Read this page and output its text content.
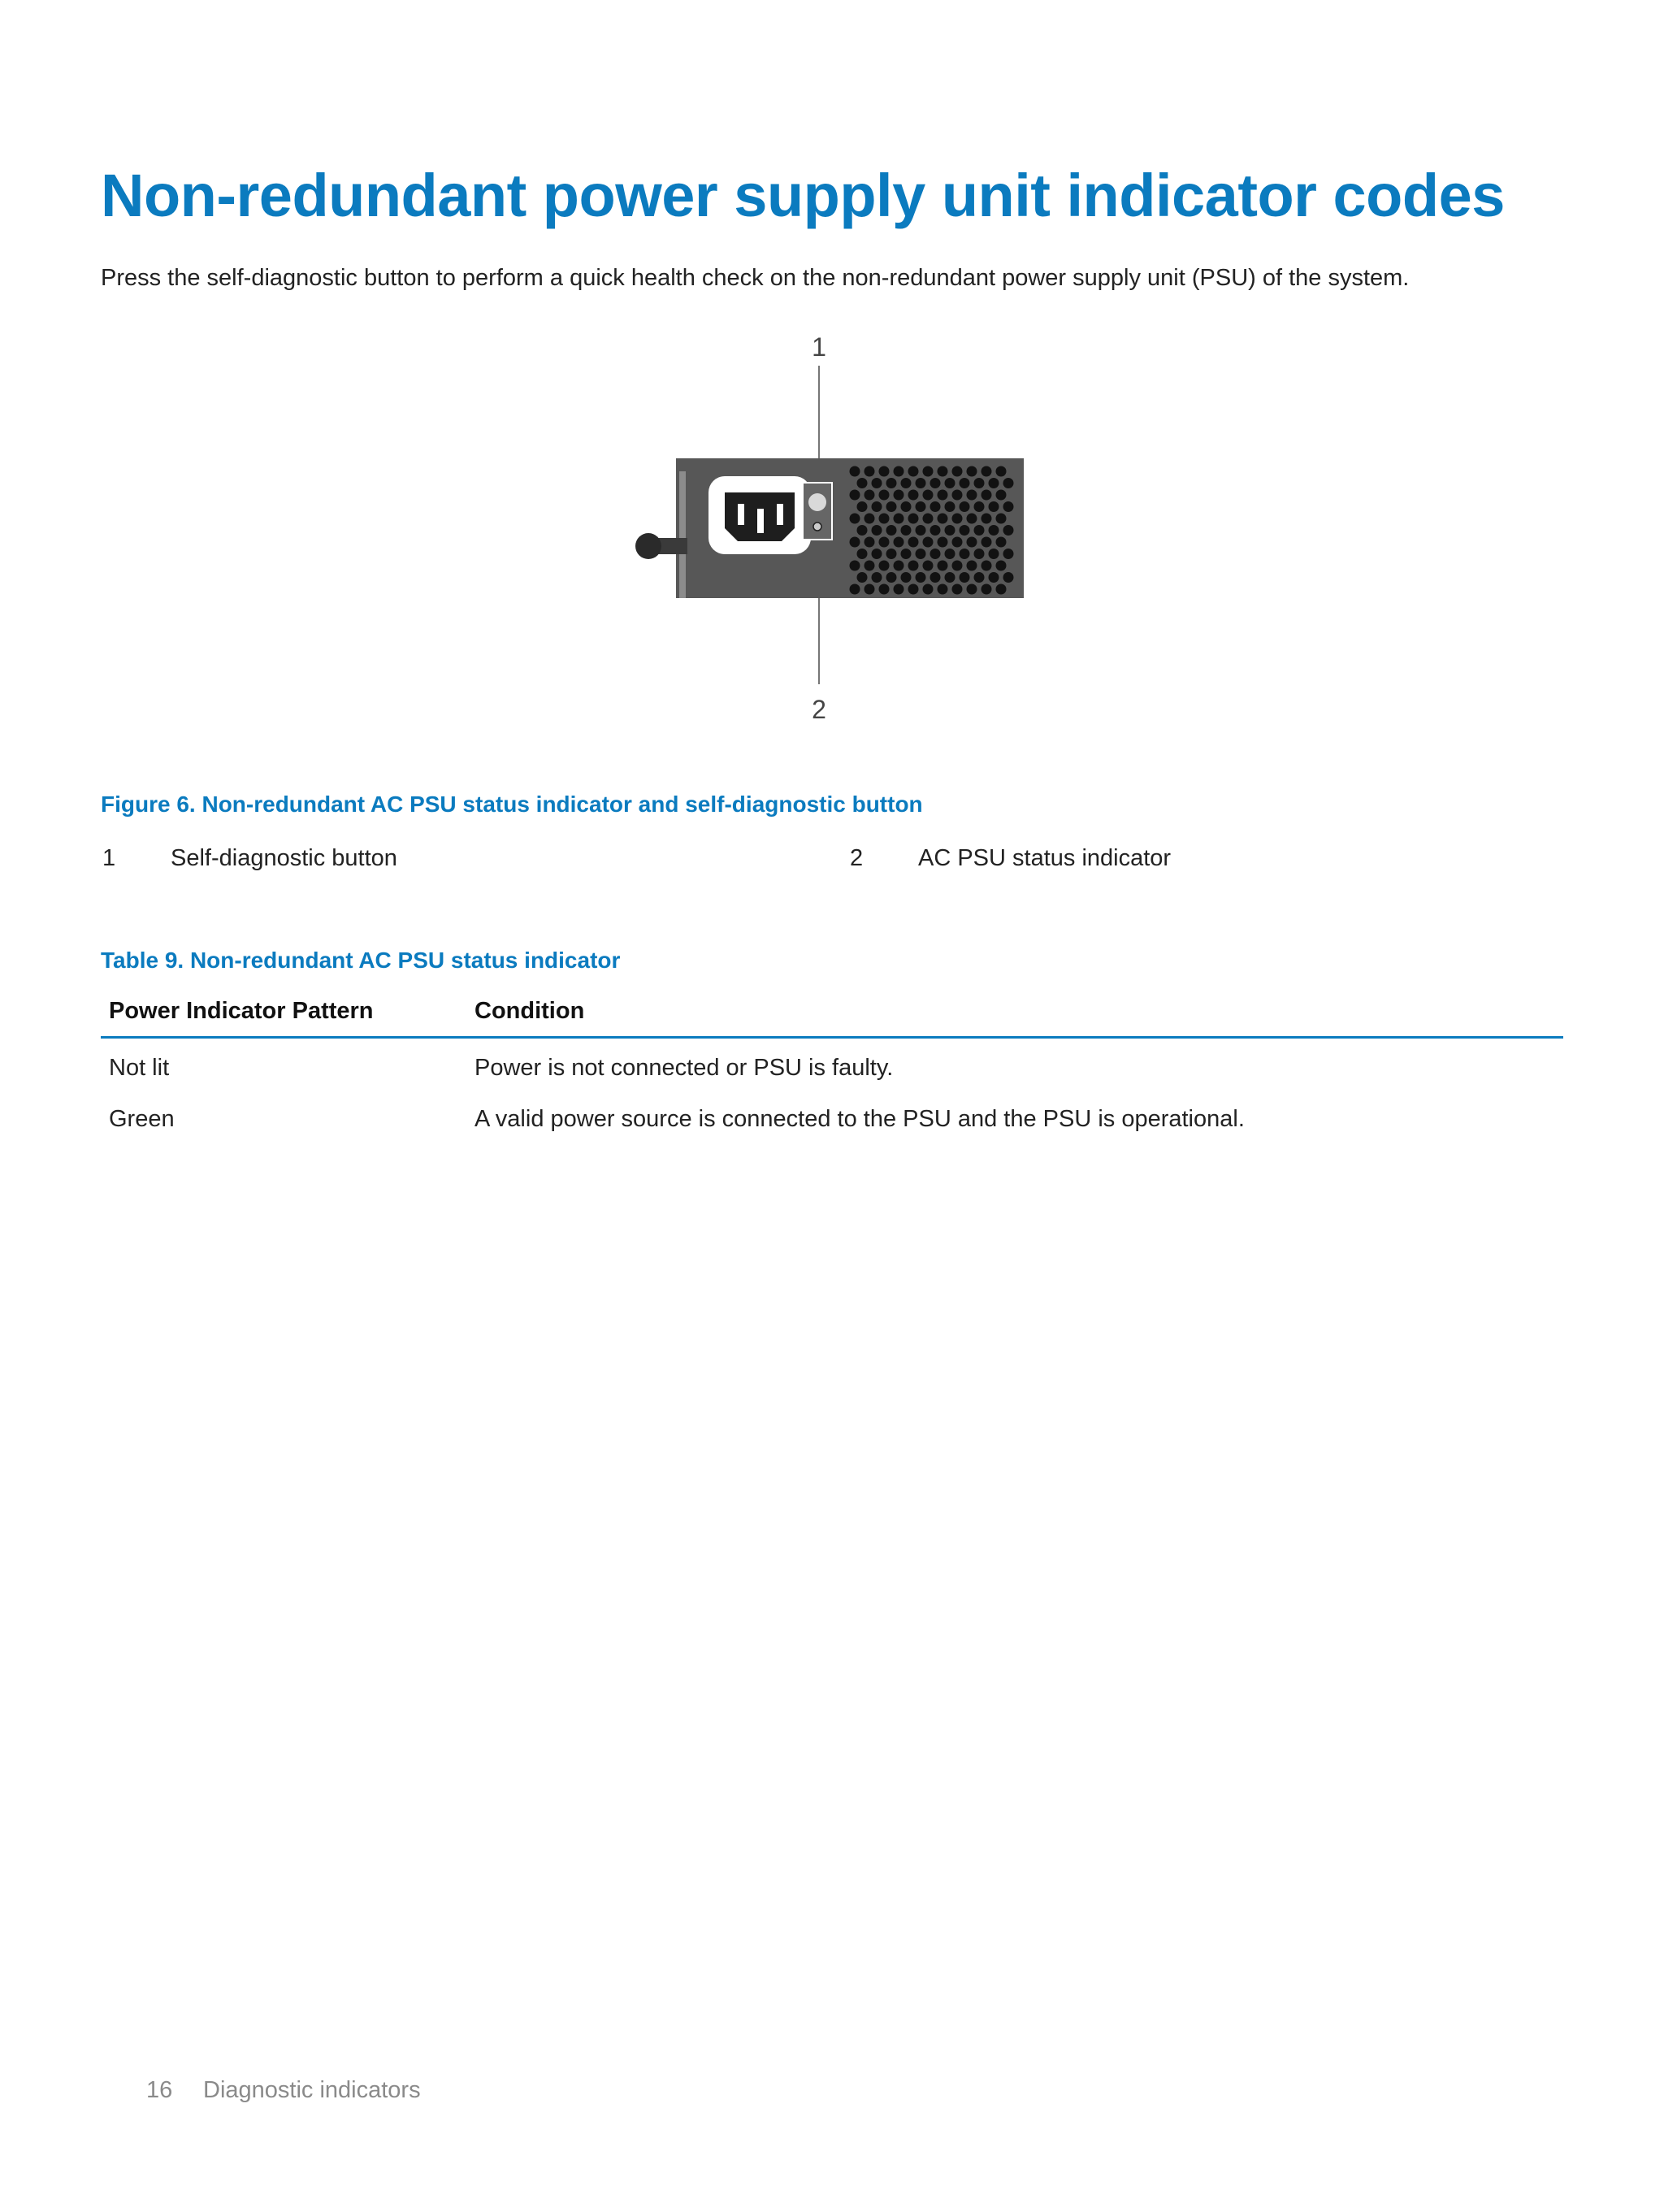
Non-redundant power supply unit indicator codes

Press the self-diagnostic button to perform a quick health check on the non-redundant power supply unit (PSU) of the system.

1
2

Figure 6. Non-redundant AC PSU status indicator and self-diagnostic button

1 Self-diagnostic button	2 AC PSU status indicator

Table 9. Non-redundant AC PSU status indicator

Power Indicator Pattern	Condition
Not lit	Power is not connected or PSU is faulty.
Green	A valid power source is connected to the PSU and the PSU is operational.
16 Diagnostic indicators
